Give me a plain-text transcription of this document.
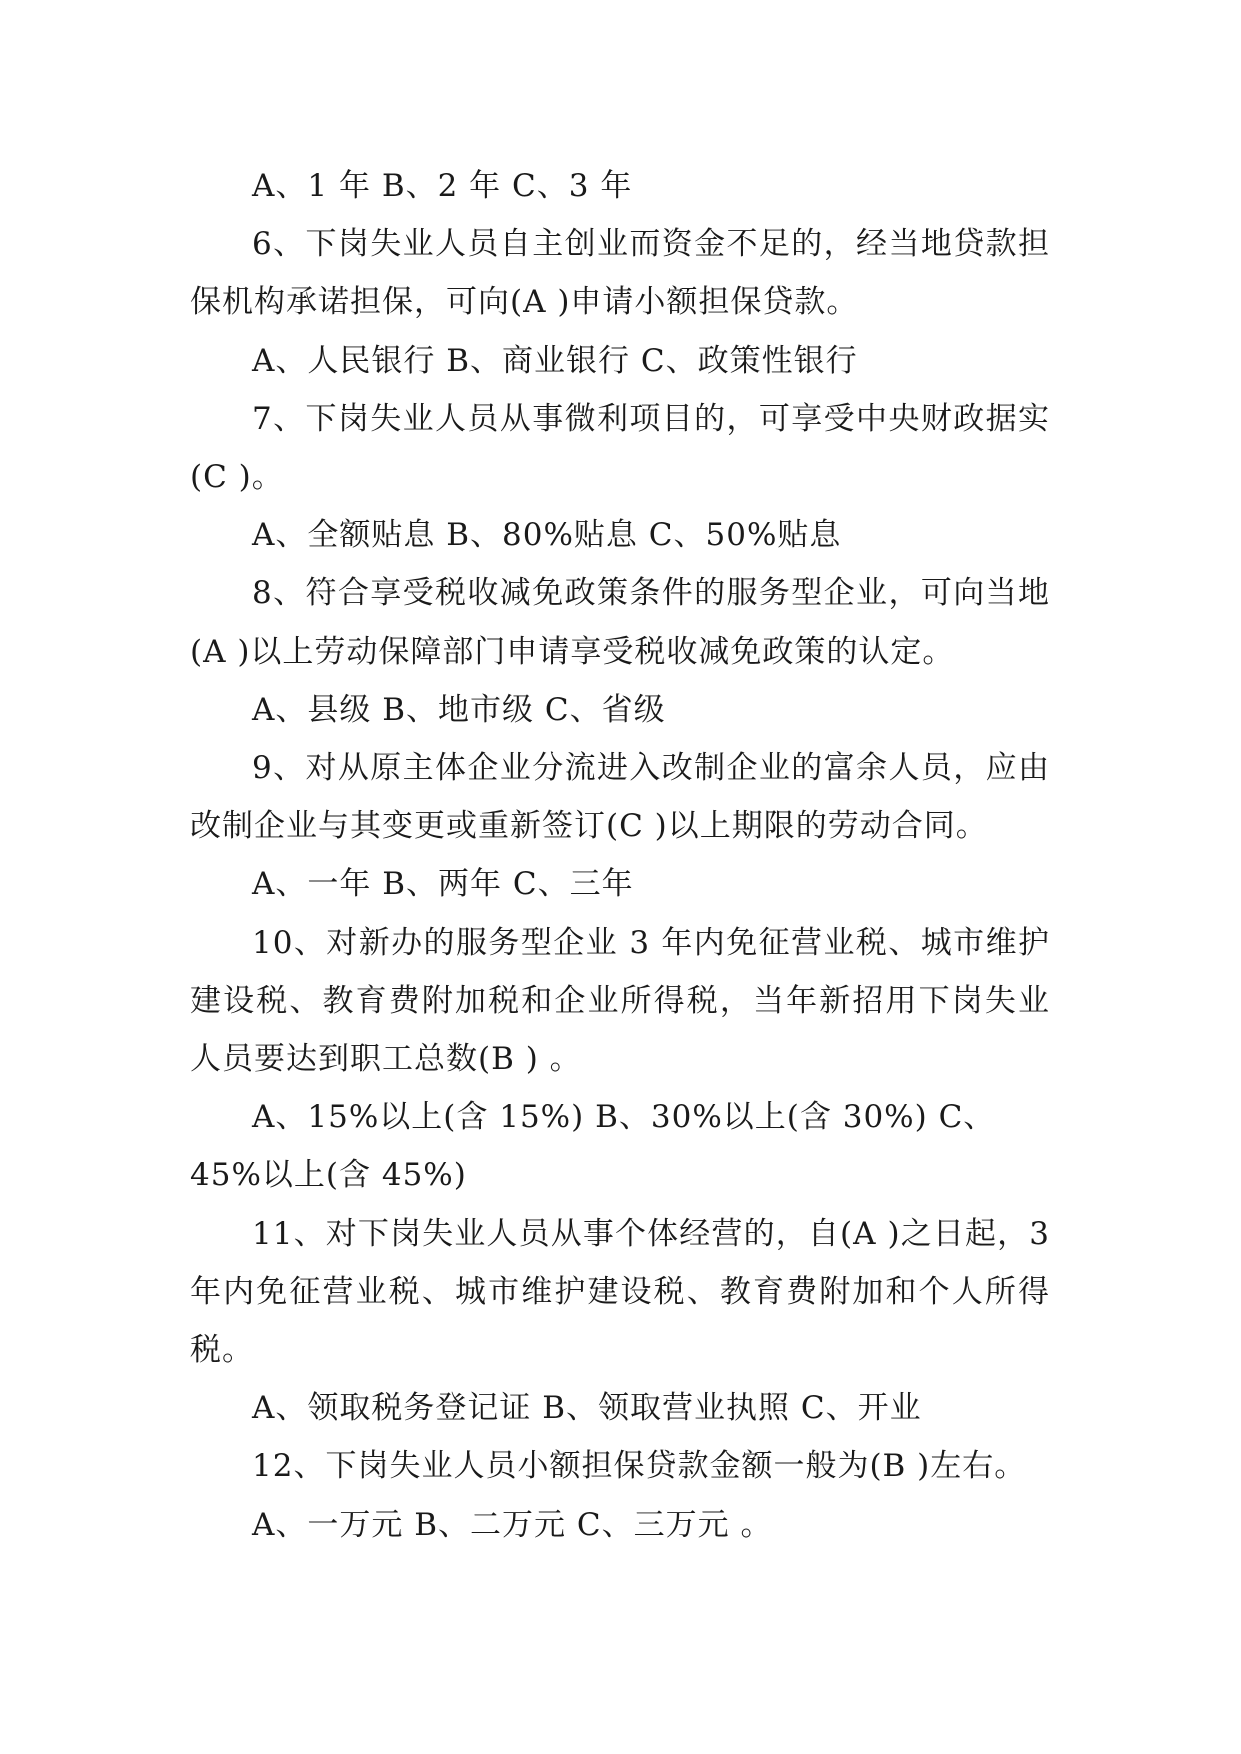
A、1 年 B、2 年 C、3 年

6、下岗失业人员自主创业而资金不足的，经当地贷款担保机构承诺担保，可向(A )申请小额担保贷款。

A、人民银行 B、商业银行 C、政策性银行

7、下岗失业人员从事微利项目的，可享受中央财政据实(C )。

A、全额贴息 B、80%贴息 C、50%贴息

8、符合享受税收减免政策条件的服务型企业，可向当地(A )以上劳动保障部门申请享受税收减免政策的认定。

A、县级 B、地市级 C、省级

9、对从原主体企业分流进入改制企业的富余人员，应由改制企业与其变更或重新签订(C )以上期限的劳动合同。

A、一年 B、两年 C、三年

10、对新办的服务型企业 3 年内免征营业税、城市维护建设税、教育费附加税和企业所得税，当年新招用下岗失业人员要达到职工总数(B ) 。

A、15%以上(含 15%) B、30%以上(含 30%) C、45%以上(含 45%)

11、对下岗失业人员从事个体经营的，自(A )之日起，3 年内免征营业税、城市维护建设税、教育费附加和个人所得税。

A、领取税务登记证 B、领取营业执照 C、开业

12、下岗失业人员小额担保贷款金额一般为(B )左右。

A、一万元 B、二万元 C、三万元 。
